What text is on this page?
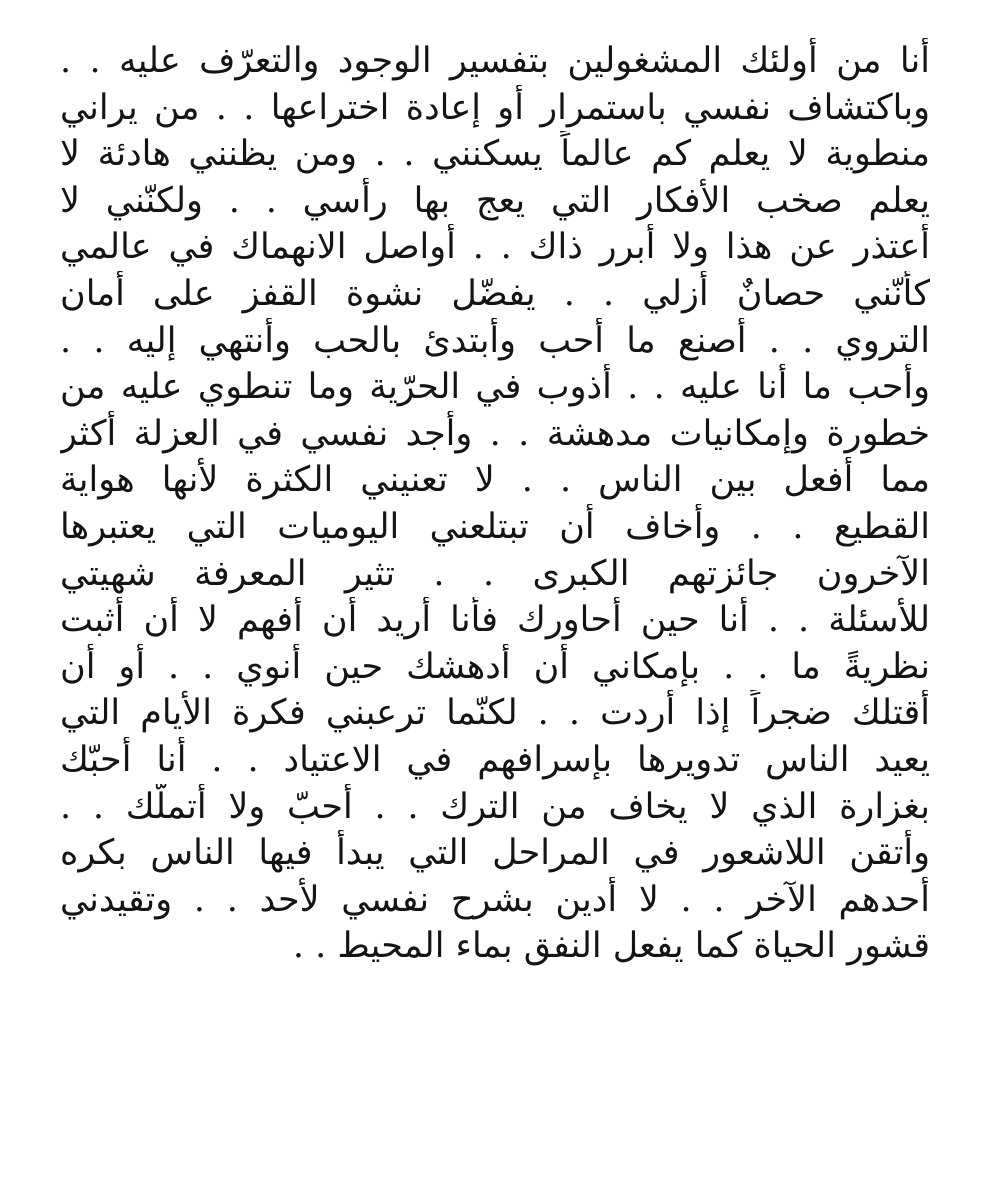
أنا من أولئك المشغولين بتفسير الوجود والتعرّف عليه . .
وباكتشاف نفسي باستمرار أو إعادة اختراعها . . من يراني
منطوية لا يعلم كم عالماً يسكنني . . ومن يظنني هادئة لا
يعلم صخب الأفكار التي يعج بها رأسي . . ولكنّني لا
أعتذر عن هذا ولا أبرر ذاك . . أواصل الانهماك في عالمي
كأنّني حصانٌ أزلي . . يفضّل نشوة القفز على أمان
التروي . . أصنع ما أحب وأبتدئ بالحب وأنتهي إليه . .
وأحب ما أنا عليه . . أذوب في الحرّية وما تنطوي عليه من
خطورة وإمكانيات مدهشة . . وأجد نفسي في العزلة أكثر
مما أفعل بين الناس . . لا تعنيني الكثرة لأنها هواية
القطيع . . وأخاف أن تبتلعني اليوميات التي يعتبرها
الآخرون جائزتهم الكبرى . . تثير المعرفة شهيتي
للأسئلة . . أنا حين أحاورك فأنا أريد أن أفهم لا أن أثبت
نظريةً ما . . بإمكاني أن أدهشك حين أنوي . . أو أن
أقتلك ضجراً إذا أردت . . لكنّما ترعبني فكرة الأيام التي
يعيد الناس تدويرها بإسرافهم في الاعتياد . . أنا أحبّك
بغزارة الذي لا يخاف من الترك . . أحبّ ولا أتملّك . .
وأتقن اللاشعور في المراحل التي يبدأ فيها الناس بكره
أحدهم الآخر . . لا أدين بشرح نفسي لأحد . . وتقيدني
قشور الحياة كما يفعل النفق بماء المحيط . .
